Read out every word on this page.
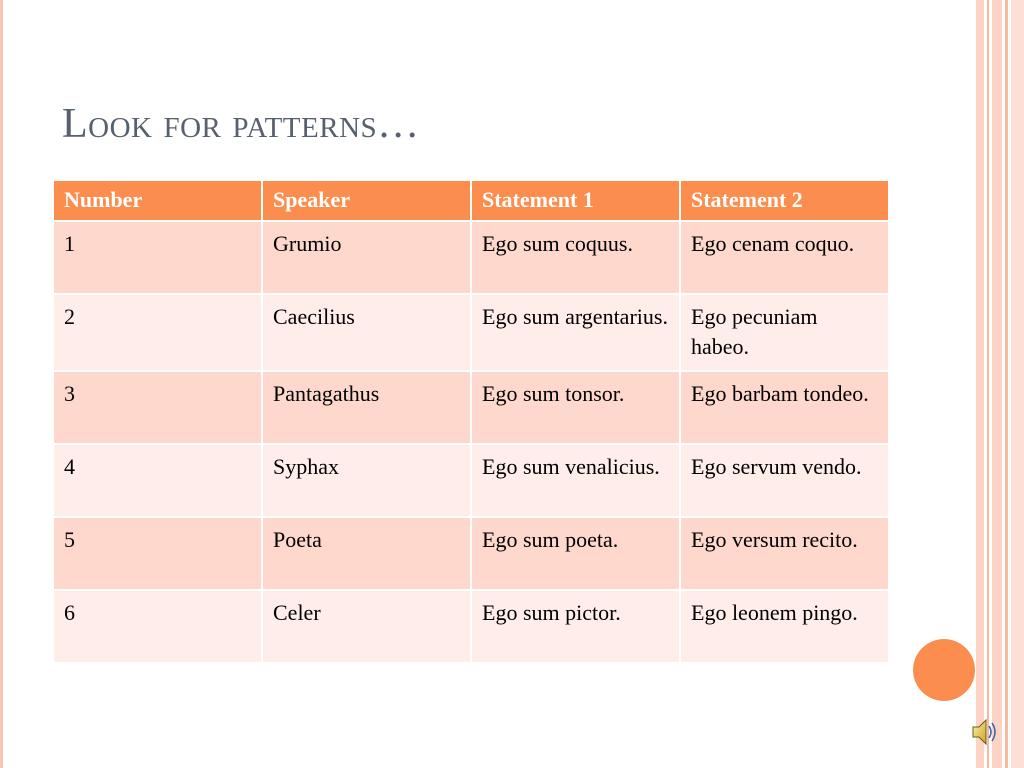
Look for patterns…
Number	Speaker	Statement 1	Statement 2
1	Grumio	Ego sum coquus.	Ego cenam coquo.
2	Caecilius	Ego sum argentarius.	Ego pecuniam habeo.
3	Pantagathus	Ego sum tonsor.	Ego barbam tondeo.
4	Syphax	Ego sum venalicius.	Ego servum vendo.
5	Poeta	Ego sum poeta.	Ego versum recito.
6	Celer	Ego sum pictor.	Ego leonem pingo.
